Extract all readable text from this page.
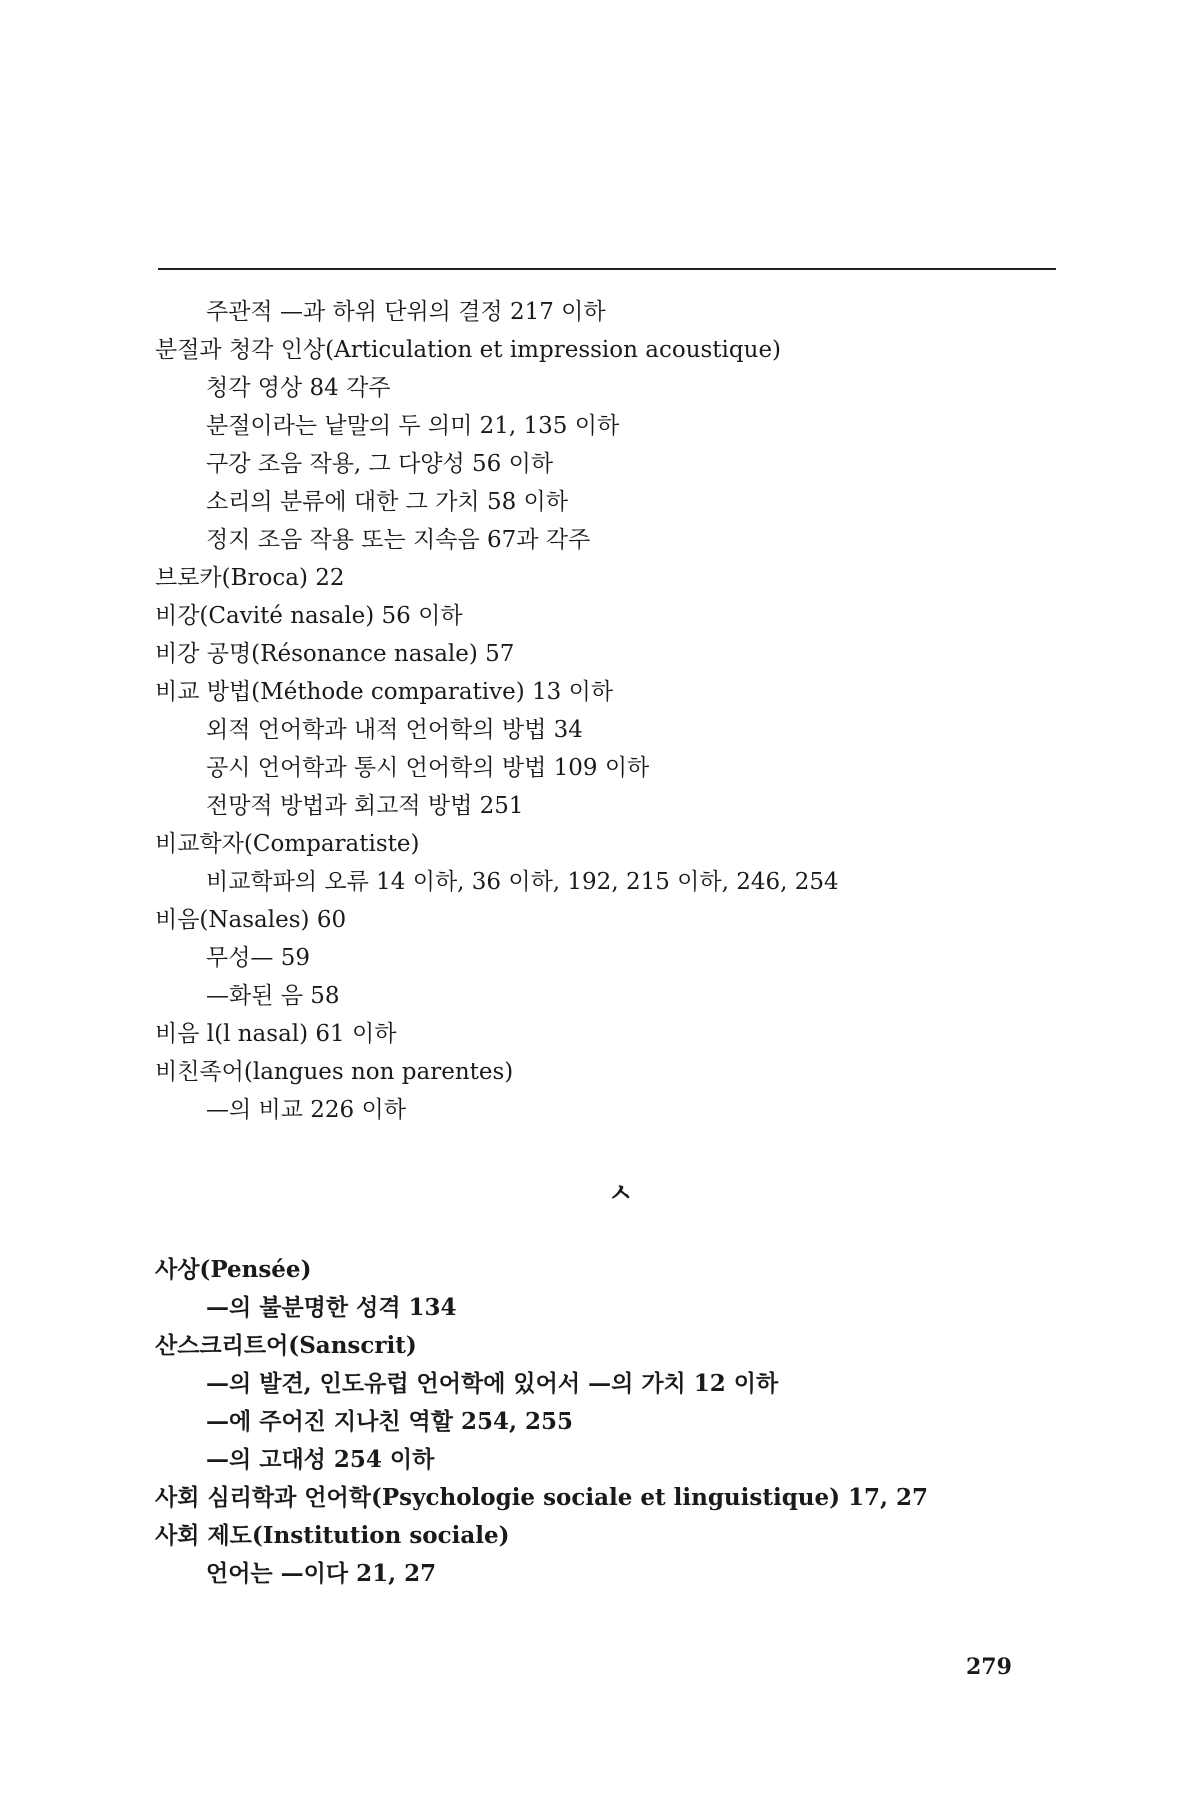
주관적 —과 하위 단위의 결정 217 이하
분절과 청각 인상(Articulation et impression acoustique)
청각 영상 84 각주
분절이라는 낱말의 두 의미 21, 135 이하
구강 조음 작용, 그 다양성 56 이하
소리의 분류에 대한 그 가치 58 이하
정지 조음 작용 또는 지속음 67과 각주
브로카(Broca) 22
비강(Cavité nasale) 56 이하
비강 공명(Résonance nasale) 57
비교 방법(Méthode comparative) 13 이하
외적 언어학과 내적 언어학의 방법 34
공시 언어학과 통시 언어학의 방법 109 이하
전망적 방법과 회고적 방법 251
비교학자(Comparatiste)
비교학파의 오류 14 이하, 36 이하, 192, 215 이하, 246, 254
비음(Nasales) 60
무성— 59
—화된 음 58
비음 l(l nasal) 61 이하
비친족어(langues non parentes)
—의 비교 226 이하
ㅅ
사상(Pensée)
—의 불분명한 성격 134
산스크리트어(Sanscrit)
—의 발견, 인도유럽 언어학에 있어서 —의 가치 12 이하
—에 주어진 지나친 역할 254, 255
—의 고대성 254 이하
사회 심리학과 언어학(Psychologie sociale et linguistique) 17, 27
사회 제도(Institution sociale)
언어는 —이다 21, 27
279
